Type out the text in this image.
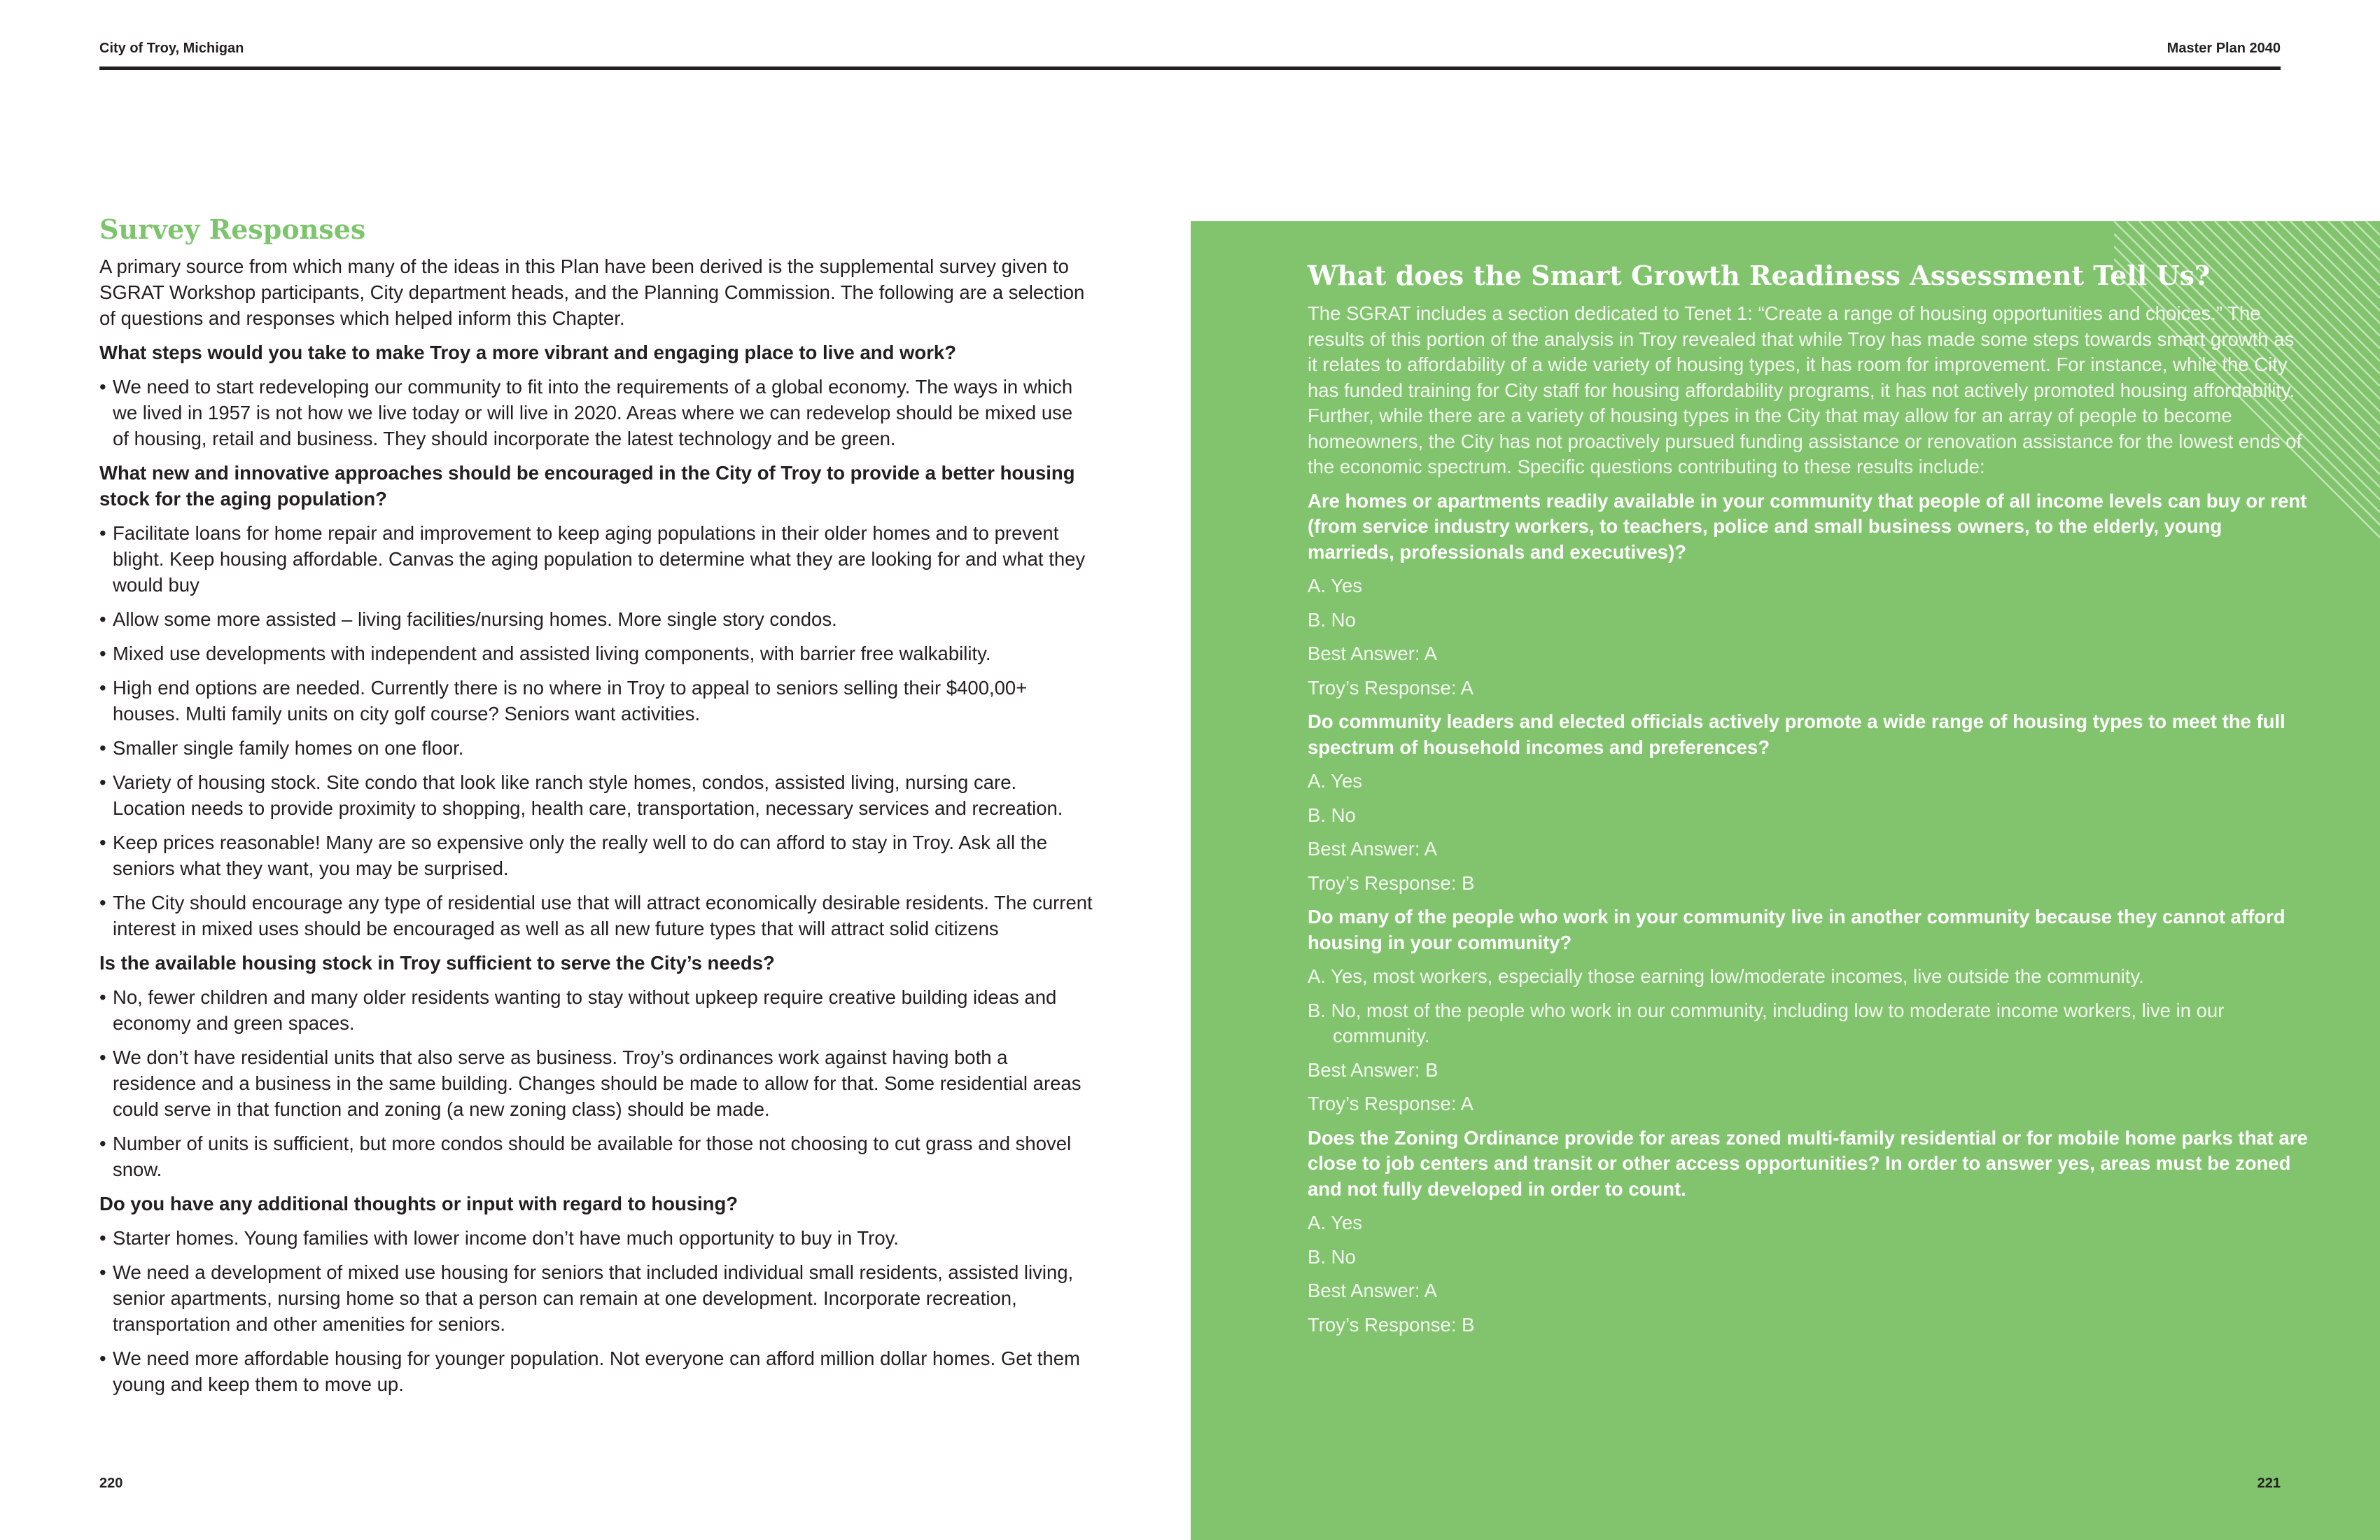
City of Troy, Michigan	Master Plan 2040
Survey Responses

A primary source from which many of the ideas in this Plan have been derived is the supplemental survey given to SGRAT Workshop participants, City department heads, and the Planning Commission. The following are a selection of questions and responses which helped inform this Chapter.

What steps would you take to make Troy a more vibrant and engaging place to live and work?

• We need to start redeveloping our community to fit into the requirements of a global economy. The ways in which we lived in 1957 is not how we live today or will live in 2020. Areas where we can redevelop should be mixed use of housing, retail and business. They should incorporate the latest technology and be green.

What new and innovative approaches should be encouraged in the City of Troy to provide a better housing stock for the aging population?

• Facilitate loans for home repair and improvement to keep aging populations in their older homes and to prevent blight. Keep housing affordable. Canvas the aging population to determine what they are looking for and what they would buy
• Allow some more assisted – living facilities/nursing homes. More single story condos.
• Mixed use developments with independent and assisted living components, with barrier free walkability.
• High end options are needed. Currently there is no where in Troy to appeal to seniors selling their $400,00+ houses. Multi family units on city golf course? Seniors want activities.
• Smaller single family homes on one floor.
• Variety of housing stock. Site condo that look like ranch style homes, condos, assisted living, nursing care. Location needs to provide proximity to shopping, health care, transportation, necessary services and recreation.
• Keep prices reasonable! Many are so expensive only the really well to do can afford to stay in Troy. Ask all the seniors what they want, you may be surprised.
• The City should encourage any type of residential use that will attract economically desirable residents. The current interest in mixed uses should be encouraged as well as all new future types that will attract solid citizens

Is the available housing stock in Troy sufficient to serve the City’s needs?

• No, fewer children and many older residents wanting to stay without upkeep require creative building ideas and economy and green spaces.
• We don’t have residential units that also serve as business. Troy’s ordinances work against having both a residence and a business in the same building. Changes should be made to allow for that. Some residential areas could serve in that function and zoning (a new zoning class) should be made.
• Number of units is sufficient, but more condos should be available for those not choosing to cut grass and shovel snow.

Do you have any additional thoughts or input with regard to housing?

• Starter homes. Young families with lower income don’t have much opportunity to buy in Troy.
• We need a development of mixed use housing for seniors that included individual small residents, assisted living, senior apartments, nursing home so that a person can remain at one development. Incorporate recreation, transportation and other amenities for seniors.
• We need more affordable housing for younger population. Not everyone can afford million dollar homes. Get them young and keep them to move up.
220
What does the Smart Growth Readiness Assessment Tell Us?

The SGRAT includes a section dedicated to Tenet 1: “Create a range of housing opportunities and choices.” The results of this portion of the analysis in Troy revealed that while Troy has made some steps towards smart growth as it relates to affordability of a wide variety of housing types, it has room for improvement. For instance, while the City has funded training for City staff for housing affordability programs, it has not actively promoted housing affordability. Further, while there are a variety of housing types in the City that may allow for an array of people to become homeowners, the City has not proactively pursued funding assistance or renovation assistance for the lowest ends of the economic spectrum. Specific questions contributing to these results include:

Are homes or apartments readily available in your community that people of all income levels can buy or rent (from service industry workers, to teachers, police and small business owners, to the elderly, young marrieds, professionals and executives)?

A. Yes

B. No

Best Answer: A

Troy’s Response: A

Do community leaders and elected officials actively promote a wide range of housing types to meet the full spectrum of household incomes and preferences?

A. Yes

B. No

Best Answer: A

Troy’s Response: B

Do many of the people who work in your community live in another community because they cannot afford housing in your community?

A. Yes, most workers, especially those earning low/moderate incomes, live outside the community.

B. No, most of the people who work in our community, including low to moderate income workers, live in our community.

Best Answer: B

Troy’s Response: A

Does the Zoning Ordinance provide for areas zoned multi-family residential or for mobile home parks that are close to job centers and transit or other access opportunities? In order to answer yes, areas must be zoned and not fully developed in order to count.

A. Yes

B. No

Best Answer: A

Troy’s Response: B

221
